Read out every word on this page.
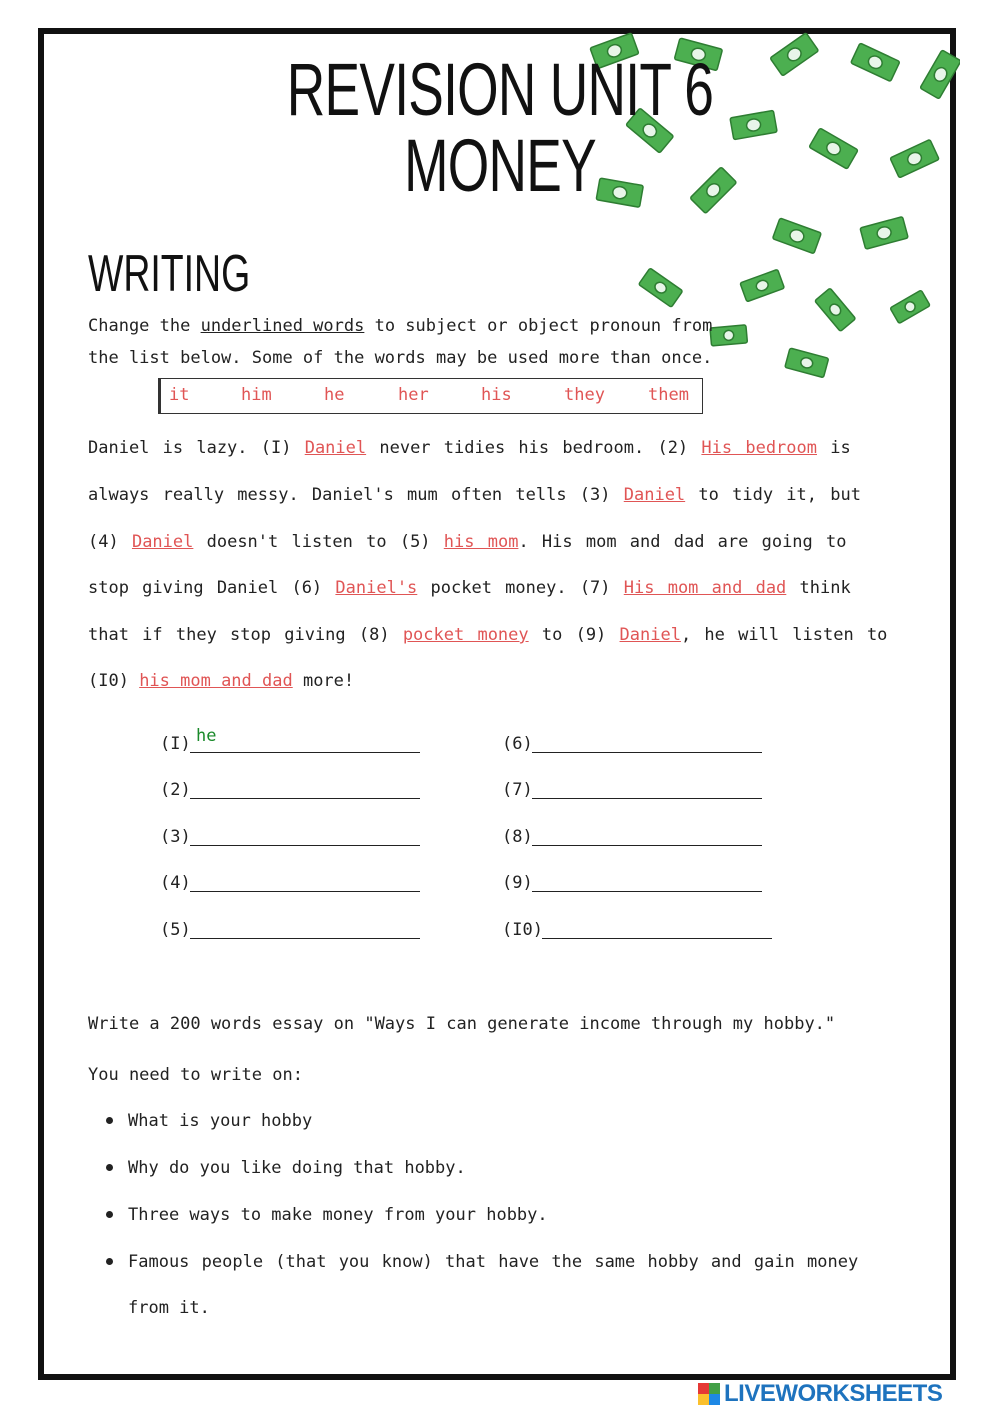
REVISION UNIT 6
MONEY
WRITING
Change the underlined words to subject or object pronoun from
the list below. Some of the words may be used more than once.
it	him	he	her	his	they	them
Daniel is lazy. (I) Daniel never tidies his bedroom. (2) His bedroom is
always really messy. Daniel's mum often tells (3) Daniel to tidy it, but
(4) Daniel doesn't listen to (5) his mom. His mom and dad are going to
stop giving Daniel (6) Daniel's pocket money. (7) His mom and dad think
that if they stop giving (8) pocket money to (9) Daniel, he will listen to
(I0) his mom and dad more!
(I) he
(2)
(3)
(4)
(5)
(6)
(7)
(8)
(9)
(I0)
Write a 200 words essay on "Ways I can generate income through my hobby."
You need to write on:
What is your hobby
Why do you like doing that hobby.
Three ways to make money from your hobby.
Famous people (that you know) that have the same hobby and gain money
from it.
LIVEWORKSHEETS
